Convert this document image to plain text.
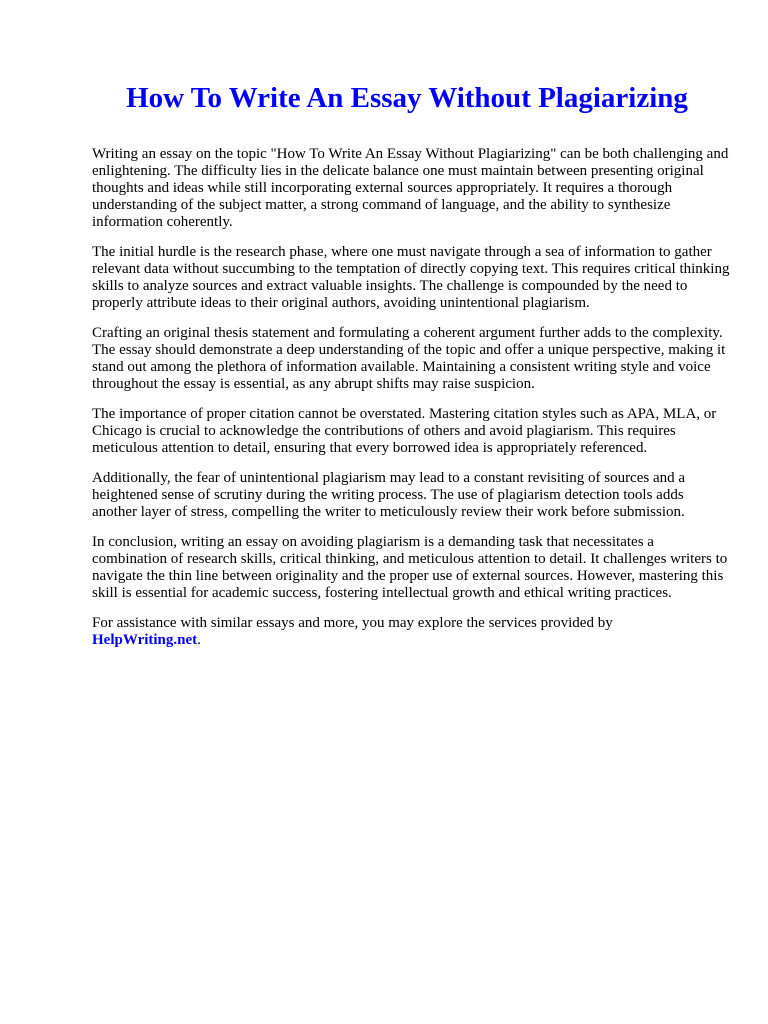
How To Write An Essay Without Plagiarizing

Writing an essay on the topic "How To Write An Essay Without Plagiarizing" can be both challenging and enlightening. The difficulty lies in the delicate balance one must maintain between presenting original thoughts and ideas while still incorporating external sources appropriately. It requires a thorough understanding of the subject matter, a strong command of language, and the ability to synthesize information coherently.

The initial hurdle is the research phase, where one must navigate through a sea of information to gather relevant data without succumbing to the temptation of directly copying text. This requires critical thinking skills to analyze sources and extract valuable insights. The challenge is compounded by the need to properly attribute ideas to their original authors, avoiding unintentional plagiarism.

Crafting an original thesis statement and formulating a coherent argument further adds to the complexity. The essay should demonstrate a deep understanding of the topic and offer a unique perspective, making it stand out among the plethora of information available. Maintaining a consistent writing style and voice throughout the essay is essential, as any abrupt shifts may raise suspicion.

The importance of proper citation cannot be overstated. Mastering citation styles such as APA, MLA, or Chicago is crucial to acknowledge the contributions of others and avoid plagiarism. This requires meticulous attention to detail, ensuring that every borrowed idea is appropriately referenced.

Additionally, the fear of unintentional plagiarism may lead to a constant revisiting of sources and a heightened sense of scrutiny during the writing process. The use of plagiarism detection tools adds another layer of stress, compelling the writer to meticulously review their work before submission.

In conclusion, writing an essay on avoiding plagiarism is a demanding task that necessitates a combination of research skills, critical thinking, and meticulous attention to detail. It challenges writers to navigate the thin line between originality and the proper use of external sources. However, mastering this skill is essential for academic success, fostering intellectual growth and ethical writing practices.

For assistance with similar essays and more, you may explore the services provided by
HelpWriting.net.
